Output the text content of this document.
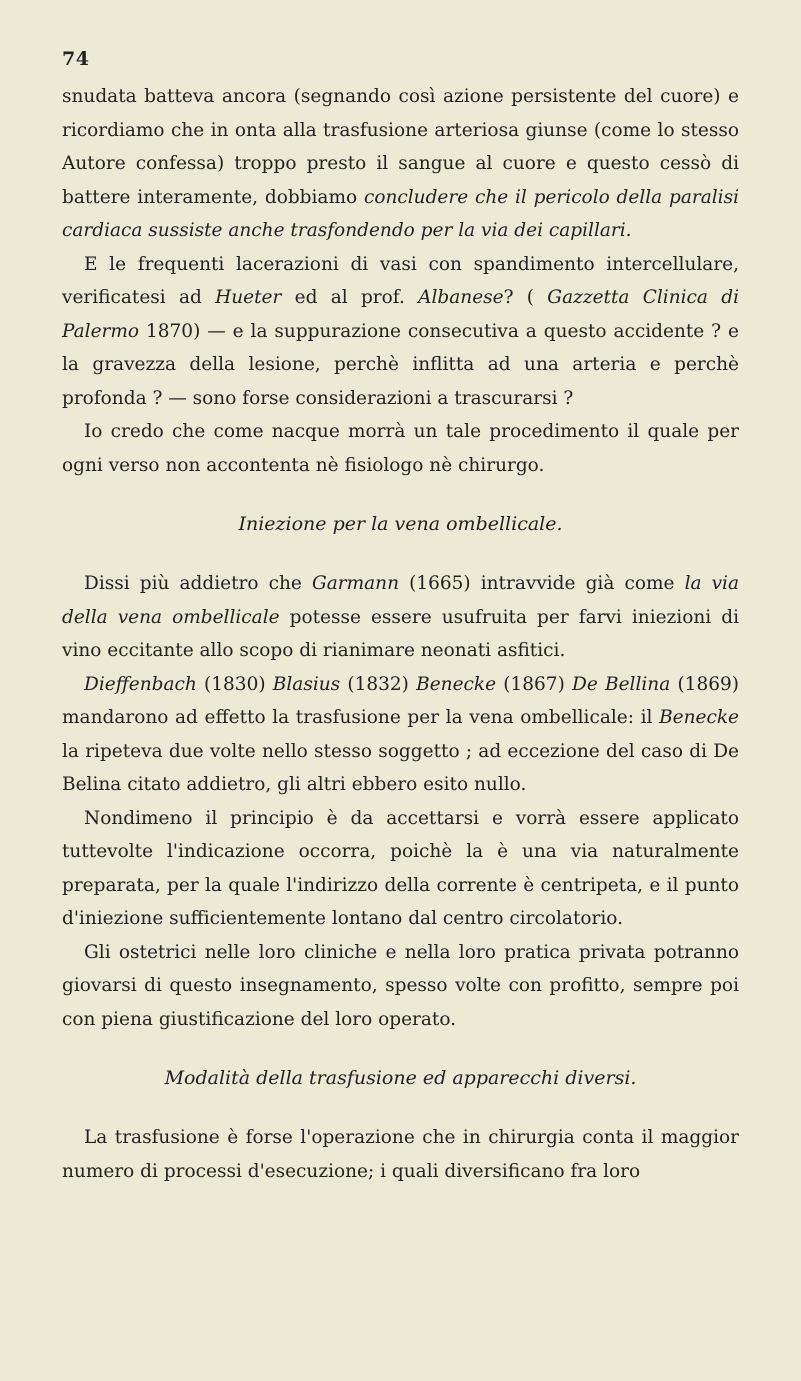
74

snudata batteva ancora (segnando così azione persistente del cuore) e ricordiamo che in onta alla trasfusione arteriosa giunse (come lo stesso Autore confessa) troppo presto il sangue al cuore e questo cessò di battere interamente, dobbiamo concludere che il pericolo della paralisi cardiaca sussiste anche trasfondendo per la via dei capillari.

E le frequenti lacerazioni di vasi con spandimento intercellulare, verificatesi ad Hueter ed al prof. Albanese? ( Gazzetta Clinica di Palermo 1870) — e la suppurazione consecutiva a questo accidente ? e la gravezza della lesione, perchè inflitta ad una arteria e perchè profonda ? — sono forse considerazioni a trascurarsi ?

Io credo che come nacque morrà un tale procedimento il quale per ogni verso non accontenta nè fisiologo nè chirurgo.

Iniezione per la vena ombellicale.

Dissi più addietro che Garmann (1665) intravvide già come la via della vena ombellicale potesse essere usufruita per farvi iniezioni di vino eccitante allo scopo di rianimare neonati asfitici.

Dieffenbach (1830) Blasius (1832) Benecke (1867) De Bellina (1869) mandarono ad effetto la trasfusione per la vena ombellicale: il Benecke la ripeteva due volte nello stesso soggetto ; ad eccezione del caso di De Belina citato addietro, gli altri ebbero esito nullo.

Nondimeno il principio è da accettarsi e vorrà essere applicato tuttevolte l'indicazione occorra, poichè la è una via naturalmente preparata, per la quale l'indirizzo della corrente è centripeta, e il punto d'iniezione sufficientemente lontano dal centro circolatorio.

Gli ostetrici nelle loro cliniche e nella loro pratica privata potranno giovarsi di questo insegnamento, spesso volte con profitto, sempre poi con piena giustificazione del loro operato.

Modalità della trasfusione ed apparecchi diversi.

La trasfusione è forse l'operazione che in chirurgia conta il maggior numero di processi d'esecuzione; i quali diversificano fra loro
